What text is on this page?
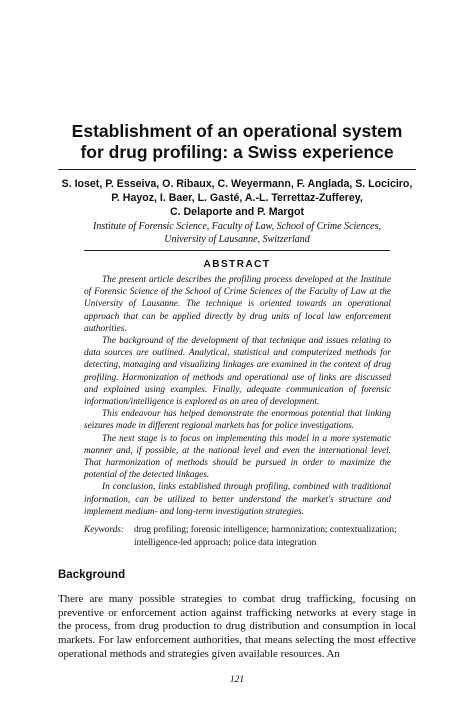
Establishment of an operational system
for drug profiling: a Swiss experience
S. Ioset, P. Esseiva, O. Ribaux, C. Weyermann, F. Anglada, S. Lociciro,
P. Hayoz, I. Baer, L. Gasté, A.-L. Terrettaz-Zufferey,
C. Delaporte and P. Margot
Institute of Forensic Science, Faculty of Law, School of Crime Sciences,
University of Lausanne, Switzerland
ABSTRACT

The present article describes the profiling process developed at the Institute of Forensic Science of the School of Crime Sciences of the Faculty of Law at the University of Lausanne. The technique is oriented towards an operational approach that can be applied directly by drug units of local law enforcement authorities.

The background of the development of that technique and issues relating to data sources are outlined. Analytical, statistical and computerized methods for detecting, managing and visualizing linkages are examined in the context of drug profiling. Harmonization of methods and operational use of links are discussed and explained using examples. Finally, adequate communication of forensic information/intelligence is explored as an area of development.

This endeavour has helped demonstrate the enormous potential that linking seizures made in different regional markets has for police investigations.

The next stage is to focus on implementing this model in a more systematic manner and, if possible, at the national level and even the international level. That harmonization of methods should be pursued in order to maximize the potential of the detected linkages.

In conclusion, links established through profiling, combined with traditional information, can be utilized to better understand the market's structure and implement medium- and long-term investigation strategies.

Keywords: drug profiling; forensic intelligence; harmonization; contextualization;
intelligence-led approach; police data integration
Background

There are many possible strategies to combat drug trafficking, focusing on preventive or enforcement action against trafficking networks at every stage in the process, from drug production to drug distribution and consumption in local markets. For law enforcement authorities, that means selecting the most effective operational methods and strategies given available resources. An

121
